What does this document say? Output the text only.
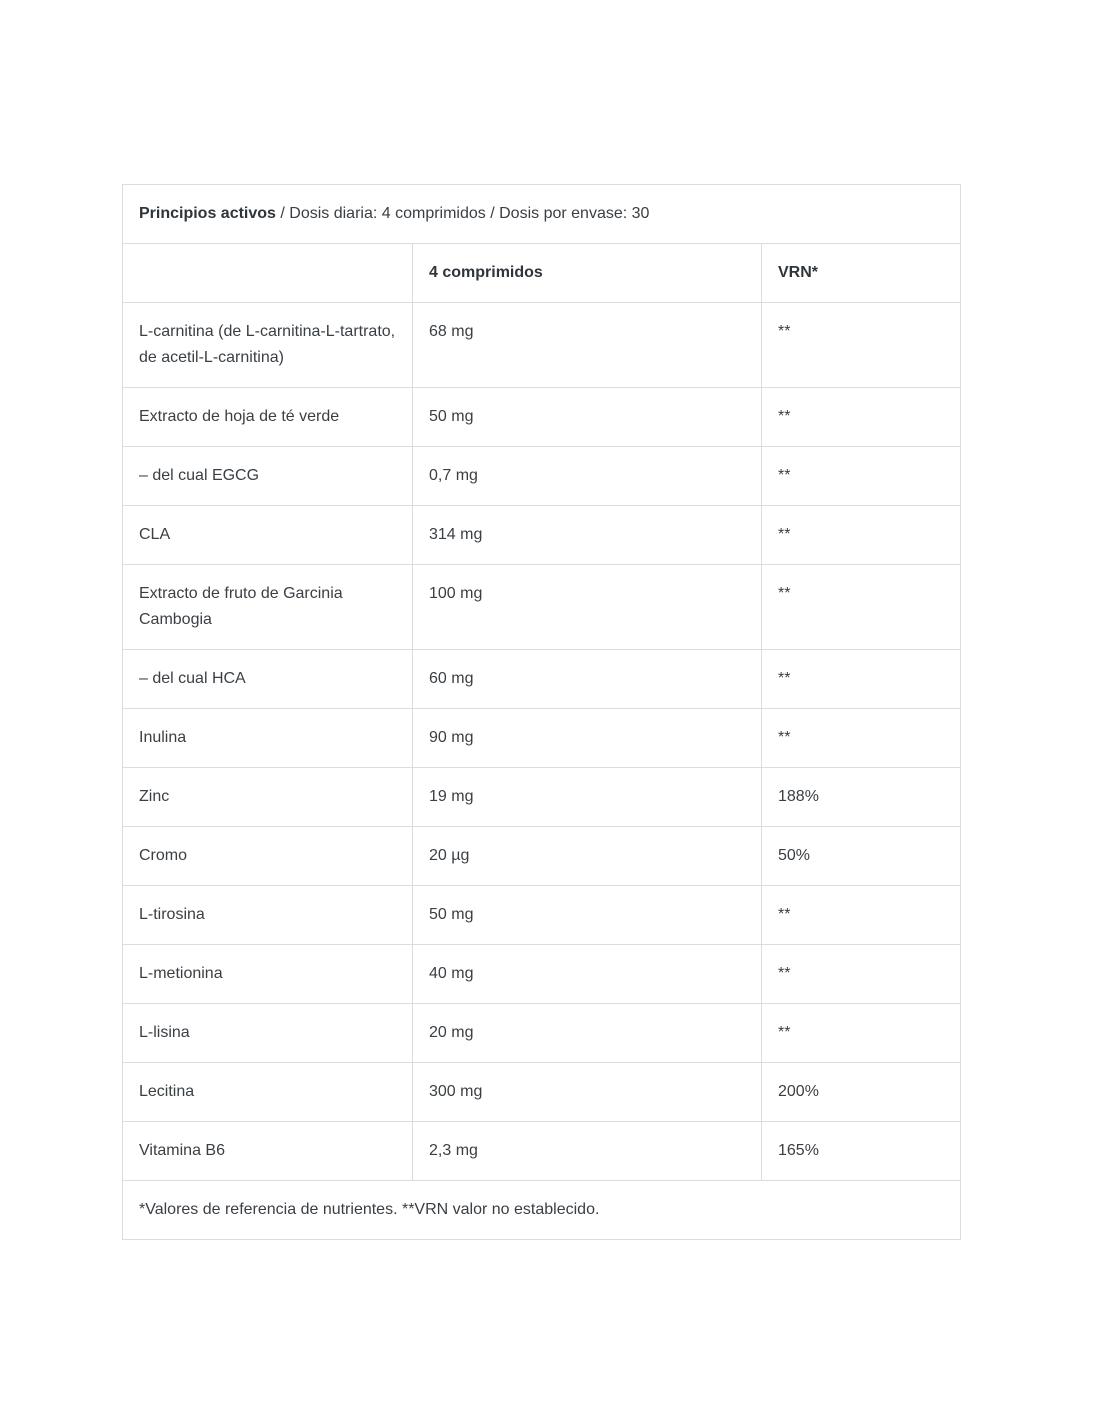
Principios activos / Dosis diaria: 4 comprimidos / Dosis por envase: 30		
	4 comprimidos	VRN*
L-carnitina (de L-carnitina-L-tartrato, de acetil-L-carnitina)	68 mg	**
Extracto de hoja de té verde	50 mg	**
– del cual EGCG	0,7 mg	**
CLA	314 mg	**
Extracto de fruto de Garcinia Cambogia	100 mg	**
– del cual HCA	60 mg	**
Inulina	90 mg	**
Zinc	19 mg	188%
Cromo	20 µg	50%
L-tirosina	50 mg	**
L-metionina	40 mg	**
L-lisina	20 mg	**
Lecitina	300 mg	200%
Vitamina B6	2,3 mg	165%
*Valores de referencia de nutrientes. **VRN valor no establecido.		
